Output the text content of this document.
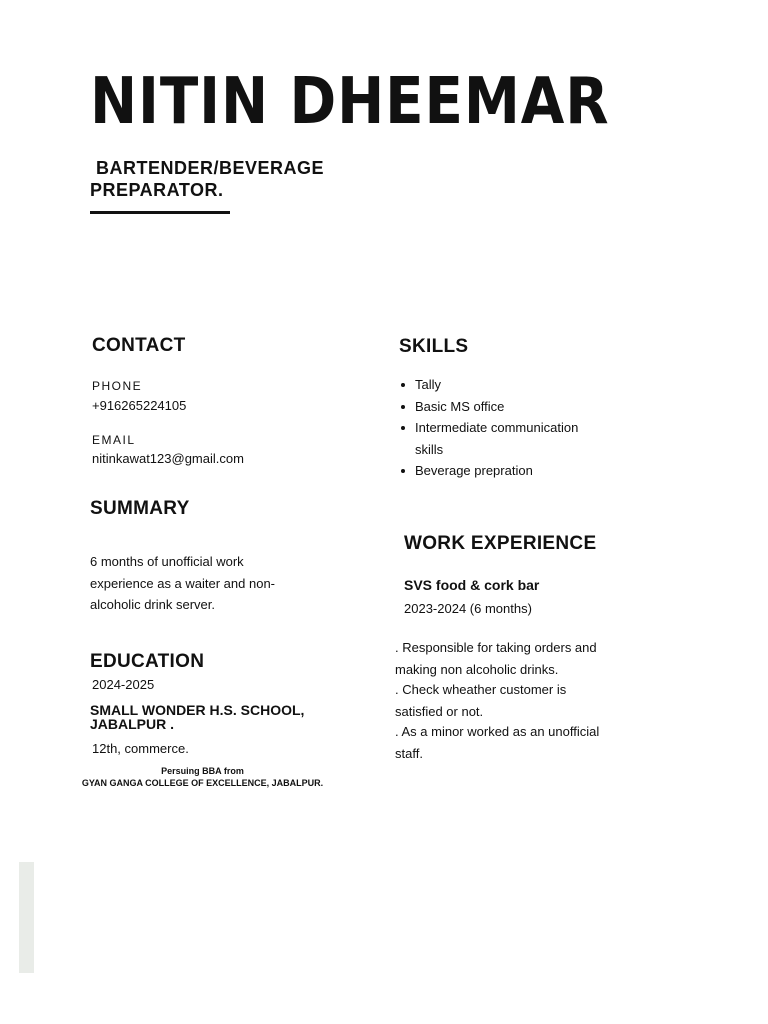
NITIN DHEEMAR
BARTENDER/BEVERAGE
PREPARATOR.
CONTACT
PHONE
+916265224105
EMAIL
nitinkawat123@gmail.com
SUMMARY
6 months of unofficial work experience as a waiter and non-alcoholic drink server.
EDUCATION
2024-2025
SMALL WONDER H.S. SCHOOL, JABALPUR .
12th, commerce.
Persuing BBA from
GYAN GANGA COLLEGE OF EXCELLENCE, JABALPUR.
SKILLS
Tally
Basic MS office
Intermediate communication skills
Beverage prepration
WORK EXPERIENCE
SVS food & cork bar
2023-2024 (6 months)
. Responsible for taking orders and making non alcoholic drinks.
. Check wheather customer is satisfied or not.
. As a minor worked as an unofficial staff.
